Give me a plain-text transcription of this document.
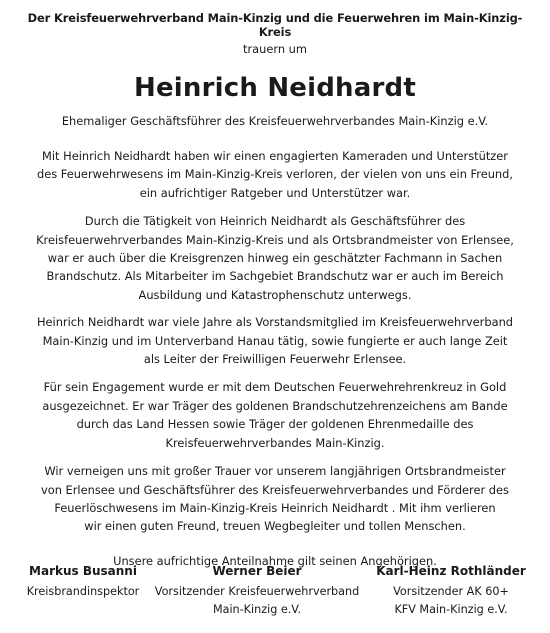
Der Kreisfeuerwehrverband Main-Kinzig und die Feuerwehren im Main-Kinzig-Kreis
trauern um
Heinrich Neidhardt
Ehemaliger Geschäftsführer des Kreisfeuerwehrverbandes Main-Kinzig e.V.

Mit Heinrich Neidhardt haben wir einen engagierten Kameraden und Unterstützer
des Feuerwehrwesens im Main-Kinzig-Kreis verloren, der vielen von uns ein Freund,
ein aufrichtiger Ratgeber und Unterstützer war.

Durch die Tätigkeit von Heinrich Neidhardt als Geschäftsführer des
Kreisfeuerwehrverbandes Main-Kinzig-Kreis und als Ortsbrandmeister von Erlensee,
war er auch über die Kreisgrenzen hinweg ein geschätzter Fachmann in Sachen
Brandschutz. Als Mitarbeiter im Sachgebiet Brandschutz war er auch im Bereich
Ausbildung und Katastrophenschutz unterwegs.

Heinrich Neidhardt war viele Jahre als Vorstandsmitglied im Kreisfeuerwehrverband
Main-Kinzig und im Unterverband Hanau tätig, sowie fungierte er auch lange Zeit
als Leiter der Freiwilligen Feuerwehr Erlensee.

Für sein Engagement wurde er mit dem Deutschen Feuerwehrehrenkreuz in Gold
ausgezeichnet. Er war Träger des goldenen Brandschutzehrenzeichens am Bande
durch das Land Hessen sowie Träger der goldenen Ehrenmedaille des
Kreisfeuerwehrverbandes Main-Kinzig.

Wir verneigen uns mit großer Trauer vor unserem langjährigen Ortsbrandmeister
von Erlensee und Geschäftsführer des Kreisfeuerwehrverbandes und Förderer des
Feuerlöschwesens im Main-Kinzig-Kreis Heinrich Neidhardt . Mit ihm verlieren
wir einen guten Freund, treuen Wegbegleiter und tollen Menschen.

Unsere aufrichtige Anteilnahme gilt seinen Angehörigen.

Markus Busanni
Kreisbrandinspektor
Werner Beier
Vorsitzender Kreisfeuerwehrverband
Main-Kinzig e.V.
Karl-Heinz Rothländer
Vorsitzender AK 60+
KFV Main-Kinzig e.V.
